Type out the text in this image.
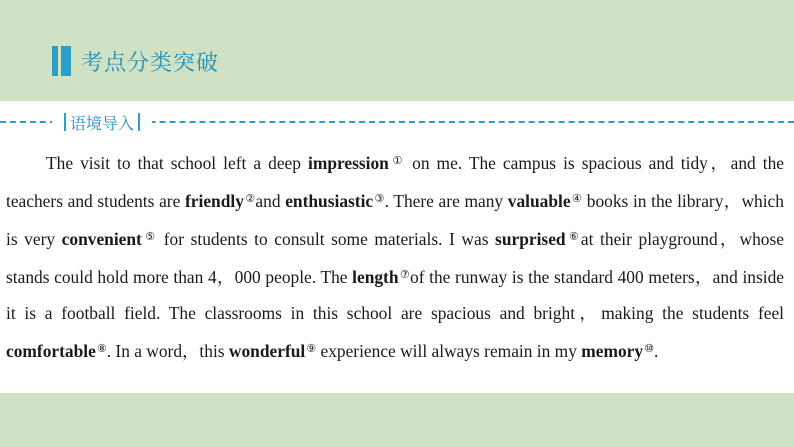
考点分类突破
语境导入

The visit to that school left a deep impression① on me. The campus is spacious and tidy，and the teachers and students are friendly②and enthusiastic③. There are many valuable④ books in the library，which is very convenient⑤ for students to consult some materials. I was surprised⑥at their playground，whose stands could hold more than 4，000 people. The length⑦of the runway is the standard 400 meters，and inside it is a football field. The classrooms in this school are spacious and bright，making the students feel comfortable⑧. In a word，this wonderful⑨ experience will always remain in my memory⑩.
